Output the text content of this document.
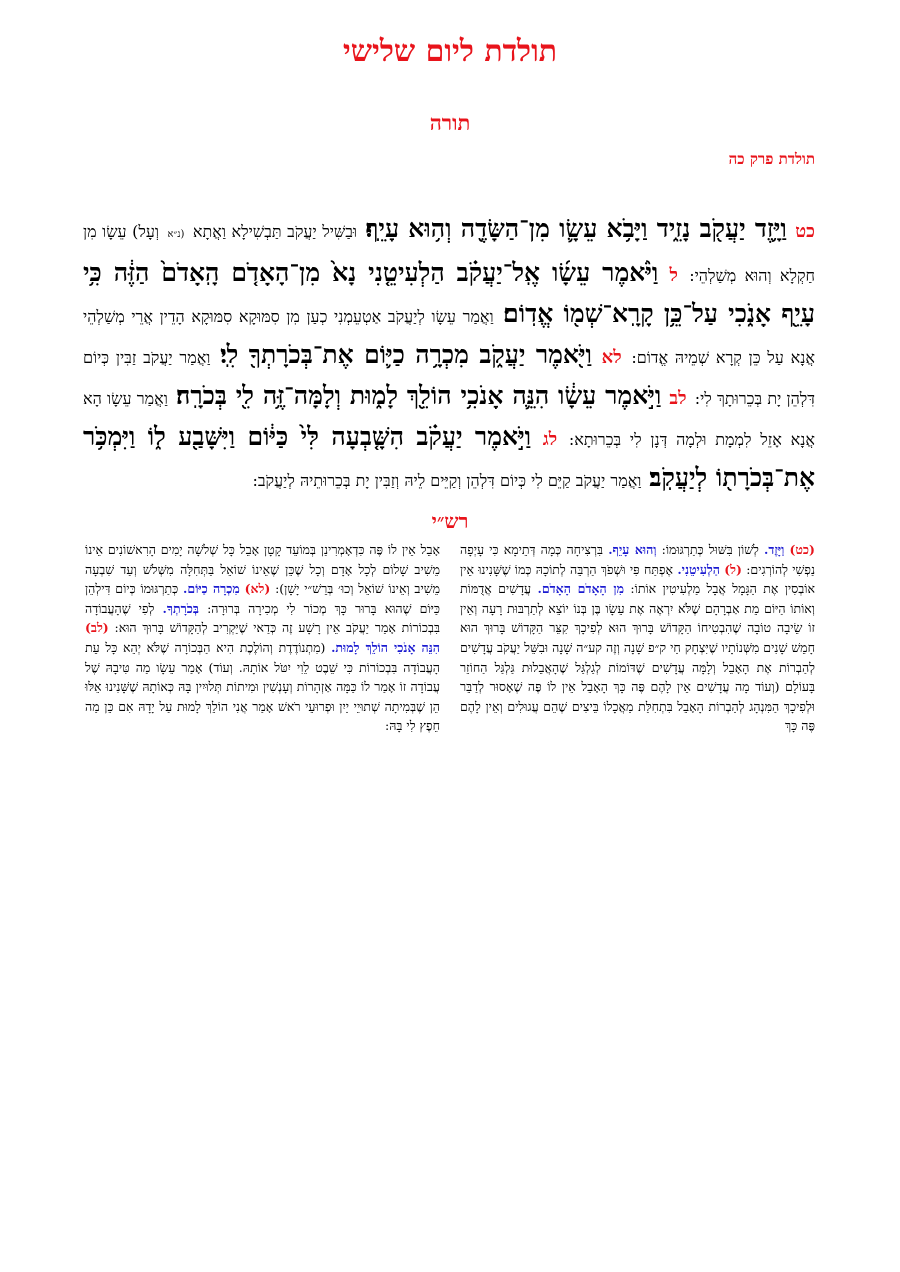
תולדת ליום שלישי
תורה
תולדת פרק כה
כט וַיָּ֥זֶד יַעֲקֹ֖ב נָזִ֑יד וַיָּבֹ֥א עֵשָׂ֛ו מִן־הַשָּׂדֶ֖ה וְה֥וּא עָיֵֽף׃ וּבַשִּׁיל יַעֲקֹב תַּבְשִׁילָא וַאֲתָא (נ״א וְעָל) עֵשָׂו מִן חַקְלָא וְהוּא מְשַׁלְהֵי: ל וַיֹּ֨אמֶר עֵשָׂ֜ו אֶֽל־יַעֲקֹ֗ב הַלְעִיטֵ֤נִי נָא֙ מִן־הָאָדֹ֤ם הָֽאָדֹם֙ הַזֶּ֔ה כִּ֥י עָיֵ֖ף אָנֹ֑כִי עַל־כֵּ֥ן קָרָֽא־שְׁמ֖וֹ אֱדֽוֹם׃ וַאֲמַר עֵשָׂו לְיַעֲקֹב אַטְעֵמְנִי כְעַן מִן סִמּוּקָא סִמּוּקָא הָדֵין אֲרֵי מְשַׁלְהֵי אֲנָא עַל כֵּן קְרָא שְׁמֵיהּ אֱדוֹם: לא וַיֹּ֖אמֶר יַעֲקֹ֑ב מִכְרָ֥ה כַיּ֛וֹם אֶת־בְּכֹרָתְךָ֖ לִֽי׃ וַאֲמַר יַעֲקֹב זַבִּין כְּיוֹם דִּלְהֵן יָת בְּכֵרוּתָךְ לִי: לב וַיֹּ֣אמֶר עֵשָׂ֔ו הִנֵּ֛ה אָנֹכִ֥י הוֹלֵ֖ךְ לָמ֑וּת וְלָמָּה־זֶּ֥ה לִ֖י בְּכֹרָֽה׃ וַאֲמַר עֵשָׂו הָא אֲנָא אָזֵל לִמְמָת וּלְמָה דְּנָן לִי בְּכֵרוּתָא: לג וַיֹּ֣אמֶר יַעֲקֹ֗ב הִשָּׁ֤בְעָה לִּי֙ כַּיּ֔וֹם וַיִּשָּׁבַ֖ע ל֑וֹ וַיִּמְכֹּ֥ר אֶת־בְּכֹרָת֖וֹ לְיַעֲקֹֽב׃ וַאֲמַר יַעֲקֹב קַיֵּם לִי כְּיוֹם דִּלְהֵן וְקַיֵּים לֵיהּ וְזַבִּין יָת בְּכֵרוּתֵיהּ לְיַעֲקֹב:
רש״י
(כט) וַיָּזֶד. לְשׁוֹן בִּשּׁוּל כְּתַרְגּוּמוֹ: וְהוּא עָיֵף. בִּרְצִיחָה כְּמָה דְּתֵימָא כִּי עָיְפָה נַפְשִׁי לְהוֹרְגִים: (ל) הַלְעִיטֵנִי. אֶפְתַּח פִּי וּשְׁפֹךְ הַרְבֵּה לְתוֹכָהּ כְּמוֹ שֶׁשָּׁנִינוּ אֵין אוֹבְסִין אֶת הַגָּמָל אֲבָל מַלְעִיטִין אוֹתוֹ: מִן הָאָדֹם הָאָדֹם. עֲדָשִׁים אֲדֻמּוֹת וְאוֹתוֹ הַיּוֹם מֵת אַבְרָהָם שֶׁלֹּא יִרְאֶה אֶת עֵשָׂו בֶּן בְּנוֹ יוֹצֵא לְתַרְבּוּת רָעָה וְאֵין זוֹ שֵׂיבָה טוֹבָה שֶׁהִבְטִיחוֹ הַקָּדוֹשׁ בָּרוּךְ הוּא לְפִיכָךְ קִצֵּר הַקָּדוֹשׁ בָּרוּךְ הוּא חָמֵשׁ שָׁנִים מִשְּׁנוֹתָיו שֶׁיִּצְחָק חַי ק״פ שָׁנָה וְזֶה קע״ה שָׁנָה וּבִשֵּׁל יַעֲקֹב עֲדָשִׁים לְהַבְרוֹת אֶת הָאָבֵל וְלָמָּה עֲדָשִׁים שֶׁדּוֹמוֹת לְגַלְגַּל שֶׁהָאֲבֵלוּת גַּלְגַּל הַחוֹזֵר בָּעוֹלָם (וְעוֹד מָה עֲדָשִׁים אֵין לָהֶם פֶּה כָּךְ הָאָבֵל אֵין לוֹ פֶּה שֶׁאָסוּר לְדַבֵּר וּלְפִיכָךְ הַמִּנְהָג לְהַבְרוֹת הָאָבֵל בִּתְחִלַּת מַאֲכָלוֹ בֵּיצִים שֶׁהֵם עֲגוּלִים וְאֵין לָהֶם פֶּה כָּךְ
אָבֵל אֵין לוֹ פֶּה כִּדְאָמְרִינַן בְּמוֹעֵד קָטָן אָבֵל כָּל שְׁלֹשָׁה יָמִים הָרִאשׁוֹנִים אֵינוֹ מֵשִׁיב שָׁלוֹם לְכָל אָדָם וְכָל שֶׁכֵּן שֶׁאֵינוֹ שׁוֹאֵל בַּתְּחִלָּה מִשְּׁלֹשׁ וְעַד שִׁבְעָה מֵשִׁיב וְאֵינוֹ שׁוֹאֵל וְכוּ׳ בְּרֵשׁ״י יָשָׁן): (לא) מִכְרָה כַיּוֹם. כְּתַרְגּוּמוֹ כְּיוֹם דִּילְהֵן כַּיּוֹם שֶׁהוּא בָּרוּר כָּךְ מְכוֹר לִי מְכִירָה בְּרוּרָה: בְּכֹרָתְךָ. לְפִי שֶׁהָעֲבוֹדָה בִּבְכוֹרוֹת אָמַר יַעֲקֹב אֵין רָשָׁע זֶה כְּדַאי שֶׁיַּקְרִיב לְהַקָּדוֹשׁ בָּרוּךְ הוּא: (לב) הִנֵּה אָנֹכִי הוֹלֵךְ לָמוּת. (מִתְנוֹדֶדֶת וְהוֹלֶכֶת הִיא הַבְּכוֹרָה שֶׁלֹּא יְהֵא כָּל עֵת הָעֲבוֹדָה בִּבְכוֹרוֹת כִּי שֵׁבֶט לֵוִי יִטֹּל אוֹתָהּ. וְעוֹד) אָמַר עֵשָׂו מַה טִּיבָהּ שֶׁל עֲבוֹדָה זוֹ אָמַר לוֹ כַּמָּה אַזְהָרוֹת וְעָנְשִׁין וּמִיתוֹת תְּלוּיִין בָּהּ כְּאוֹתָהּ שֶׁשָּׁנִינוּ אֵלּוּ הֵן שֶׁבְּמִיתָה שְׁתוּיֵי יַיִן וּפְרוּעֵי רֹאשׁ אָמַר אֲנִי הוֹלֵךְ לָמוּת עַל יָדָהּ אִם כֵּן מַה חֵפֶץ לִי בָּהּ:
